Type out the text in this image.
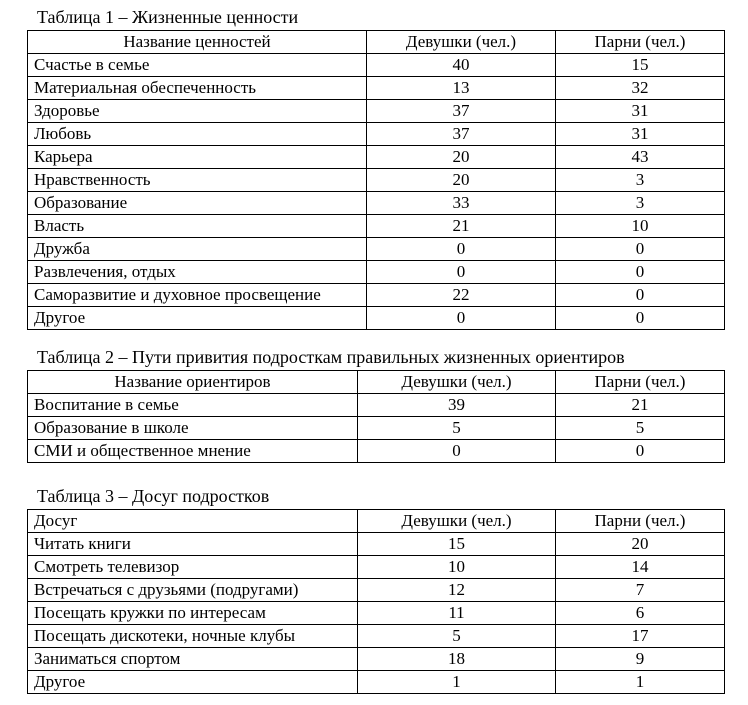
Таблица 1 – Жизненные ценности
Название ценностей	Девушки (чел.)	Парни (чел.)
Счастье в семье	40	15
Материальная обеспеченность	13	32
Здоровье	37	31
Любовь	37	31
Карьера	20	43
Нравственность	20	3
Образование	33	3
Власть	21	10
Дружба	0	0
Развлечения, отдых	0	0
Саморазвитие и духовное просвещение	22	0
Другое	0	0
Таблица 2 – Пути привития подросткам правильных жизненных ориентиров
Название ориентиров	Девушки (чел.)	Парни (чел.)
Воспитание в семье	39	21
Образование в школе	5	5
СМИ и общественное мнение	0	0
Таблица 3 – Досуг подростков
Досуг	Девушки (чел.)	Парни (чел.)
Читать книги	15	20
Смотреть телевизор	10	14
Встречаться с друзьями (подругами)	12	7
Посещать кружки по интересам	11	6
Посещать дискотеки, ночные клубы	5	17
Заниматься спортом	18	9
Другое	1	1
